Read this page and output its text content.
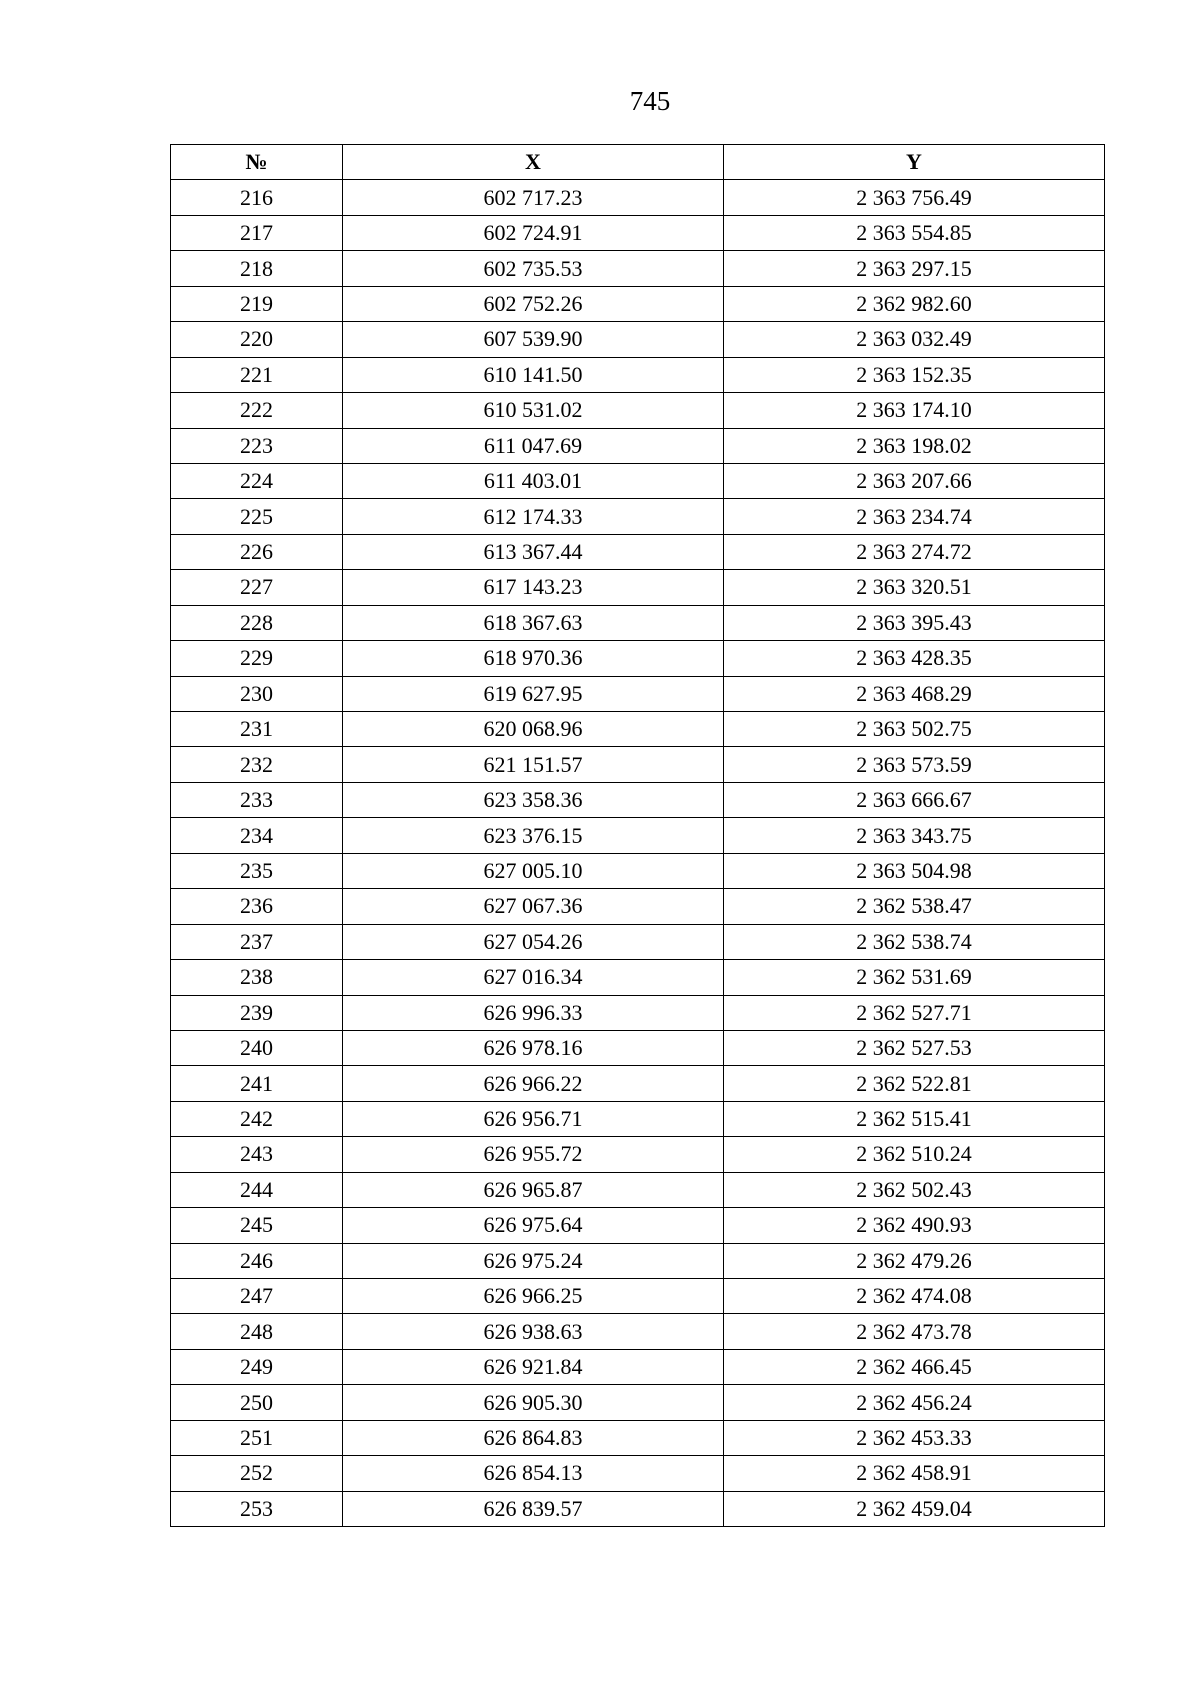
745
№	X	Y
216	602 717.23	2 363 756.49
217	602 724.91	2 363 554.85
218	602 735.53	2 363 297.15
219	602 752.26	2 362 982.60
220	607 539.90	2 363 032.49
221	610 141.50	2 363 152.35
222	610 531.02	2 363 174.10
223	611 047.69	2 363 198.02
224	611 403.01	2 363 207.66
225	612 174.33	2 363 234.74
226	613 367.44	2 363 274.72
227	617 143.23	2 363 320.51
228	618 367.63	2 363 395.43
229	618 970.36	2 363 428.35
230	619 627.95	2 363 468.29
231	620 068.96	2 363 502.75
232	621 151.57	2 363 573.59
233	623 358.36	2 363 666.67
234	623 376.15	2 363 343.75
235	627 005.10	2 363 504.98
236	627 067.36	2 362 538.47
237	627 054.26	2 362 538.74
238	627 016.34	2 362 531.69
239	626 996.33	2 362 527.71
240	626 978.16	2 362 527.53
241	626 966.22	2 362 522.81
242	626 956.71	2 362 515.41
243	626 955.72	2 362 510.24
244	626 965.87	2 362 502.43
245	626 975.64	2 362 490.93
246	626 975.24	2 362 479.26
247	626 966.25	2 362 474.08
248	626 938.63	2 362 473.78
249	626 921.84	2 362 466.45
250	626 905.30	2 362 456.24
251	626 864.83	2 362 453.33
252	626 854.13	2 362 458.91
253	626 839.57	2 362 459.04
